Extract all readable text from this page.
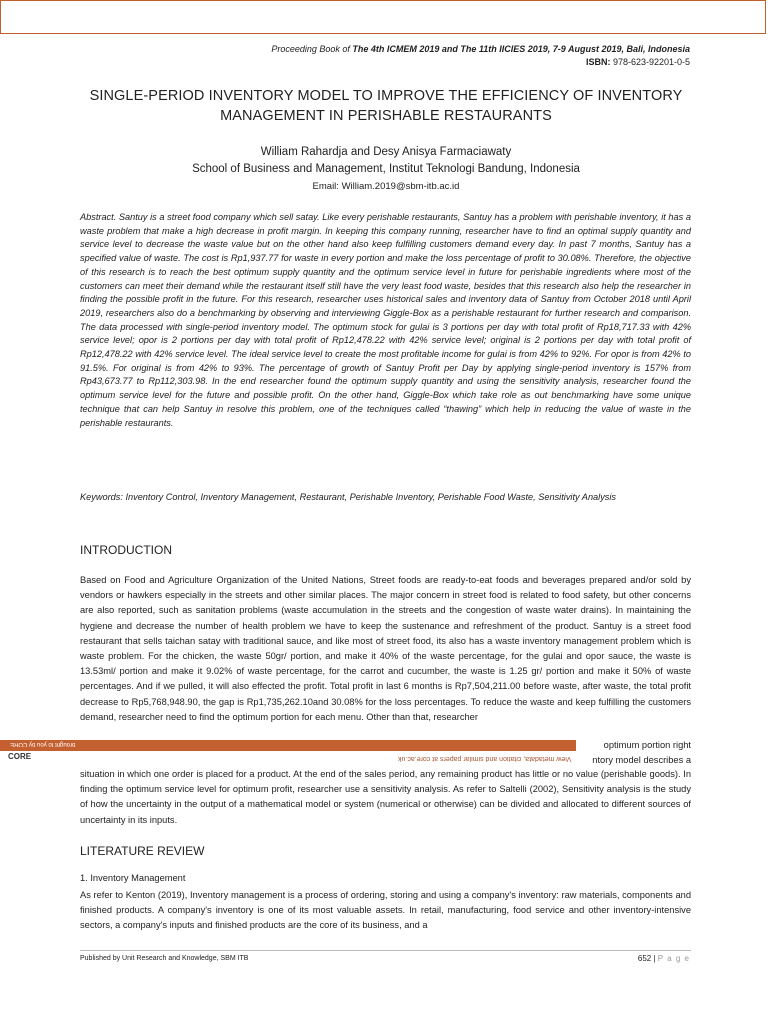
Proceeding Book of The 4th ICMEM 2019 and The 11th IICIES 2019, 7-9 August 2019, Bali, Indonesia
ISBN: 978-623-92201-0-5
SINGLE-PERIOD INVENTORY MODEL TO IMPROVE THE EFFICIENCY OF INVENTORY
MANAGEMENT IN PERISHABLE RESTAURANTS
William Rahardja and Desy Anisya Farmaciawaty
School of Business and Management, Institut Teknologi Bandung, Indonesia
Email: William.2019@sbm-itb.ac.id

Abstract. Santuy is a street food company which sell satay. Like every perishable restaurants, Santuy has a problem with perishable inventory, it has a waste problem that make a high decrease in profit margin. In keeping this company running, researcher have to find an optimal supply quantity and service level to decrease the waste value but on the other hand also keep fulfilling customers demand every day. In past 7 months, Santuy has a specified value of waste. The cost is Rp1,937.77 for waste in every portion and make the loss percentage of profit to 30.08%. Therefore, the objective of this research is to reach the best optimum supply quantity and the optimum service level in future for perishable ingredients where most of the customers can meet their demand while the restaurant itself still have the very least food waste, besides that this research also help the researcher in finding the possible profit in the future. For this research, researcher uses historical sales and inventory data of Santuy from October 2018 until April 2019, researchers also do a benchmarking by observing and interviewing Giggle-Box as a perishable restaurant for further research and comparison. The data processed with single-period inventory model. The optimum stock for gulai is 3 portions per day with total profit of Rp18,717.33 with 42% service level; opor is 2 portions per day with total profit of Rp12,478.22 with 42% service level; original is 2 portions per day with total profit of Rp12,478.22 with 42% service level. The ideal service level to create the most profitable income for gulai is from 42% to 92%. For opor is from 42% to 91.5%. For original is from 42% to 93%. The percentage of growth of Santuy Profit per Day by applying single-period inventory is 157% from Rp43,673.77 to Rp112,303.98. In the end researcher found the optimum supply quantity and using the sensitivity analysis, researcher found the optimum service level for the future and possible profit. On the other hand, Giggle-Box which take role as out benchmarking have some unique technique that can help Santuy in resolve this problem, one of the techniques called “thawing” which help in reducing the value of waste in the perishable restaurants.

Keywords: Inventory Control, Inventory Management, Restaurant, Perishable Inventory, Perishable Food Waste, Sensitivity Analysis

INTRODUCTION

Based on Food and Agriculture Organization of the United Nations, Street foods are ready-to-eat foods and beverages prepared and/or sold by vendors or hawkers especially in the streets and other similar places. The major concern in street food is related to food safety, but other concerns are also reported, such as sanitation problems (waste accumulation in the streets and the congestion of waste water drains). In maintaining the hygiene and decrease the number of health problem we have to keep the sustenance and refreshment of the product. Santuy is a street food restaurant that sells taichan satay with traditional sauce, and like most of street food, its also has a waste inventory management problem which is waste problem. For the chicken, the waste 50gr/ portion, and make it 40% of the waste percentage, for the gulai and opor sauce, the waste is 13.53ml/ portion and make it 9.02% of waste percentage, for the carrot and cucumber, the waste is 1.25 gr/ portion and make it 50% of waste percentages. And if we pulled, it will also effected the profit. Total profit in last 6 months is Rp7,504,211.00 before waste, after waste, the total profit decrease to Rp5,768,948.90, the gap is Rp1,735,262.10and 30.08% for the loss percentages. To reduce the waste and keep fulfilling the customers demand, researcher need to find the optimum portion for each menu. Other than that, researcher

brought to you by CORE
View metadata, citation and similar papers at core.ac.uk
CORE
optimum portion right
ntory model describes a

situation in which one order is placed for a product. At the end of the sales period, any remaining product has little or no value (perishable goods). In finding the optimum service level for optimum profit, researcher use a sensitivity analysis. As refer to Saltelli (2002), Sensitivity analysis is the study of how the uncertainty in the output of a mathematical model or system (numerical or otherwise) can be divided and allocated to different sources of uncertainty in its inputs.

LITERATURE REVIEW
1. Inventory Management

As refer to Kenton (2019), Inventory management is a process of ordering, storing and using a company's inventory: raw materials, components and finished products. A company's inventory is one of its most valuable assets. In retail, manufacturing, food service and other inventory-intensive sectors, a company's inputs and finished products are the core of its business, and a

Published by Unit Research and Knowledge, SBM ITB	652 | P a g e
